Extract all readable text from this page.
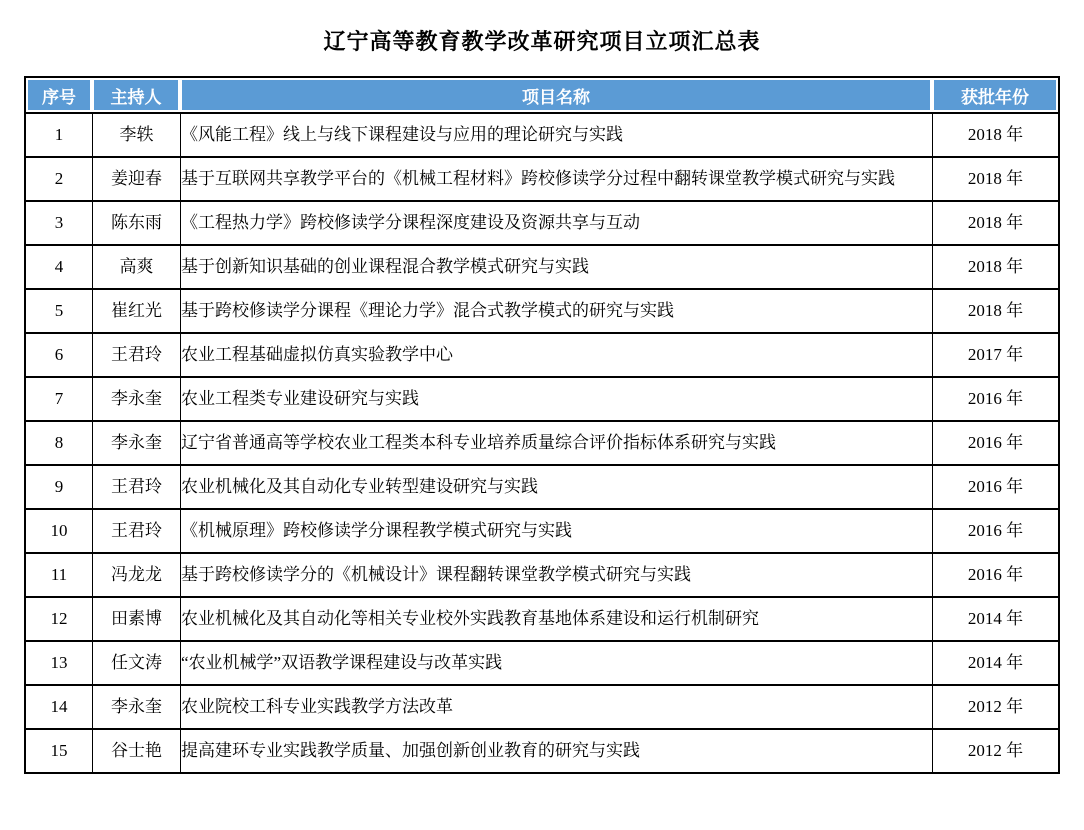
辽宁高等教育教学改革研究项目立项汇总表
序号	主持人	项目名称	获批年份
1	李轶	《风能工程》线上与线下课程建设与应用的理论研究与实践	2018 年
2	姜迎春	基于互联网共享教学平台的《机械工程材料》跨校修读学分过程中翻转课堂教学模式研究与实践	2018 年
3	陈东雨	《工程热力学》跨校修读学分课程深度建设及资源共享与互动	2018 年
4	高爽	基于创新知识基础的创业课程混合教学模式研究与实践	2018 年
5	崔红光	基于跨校修读学分课程《理论力学》混合式教学模式的研究与实践	2018 年
6	王君玲	农业工程基础虚拟仿真实验教学中心	2017 年
7	李永奎	农业工程类专业建设研究与实践	2016 年
8	李永奎	辽宁省普通高等学校农业工程类本科专业培养质量综合评价指标体系研究与实践	2016 年
9	王君玲	农业机械化及其自动化专业转型建设研究与实践	2016 年
10	王君玲	《机械原理》跨校修读学分课程教学模式研究与实践	2016 年
11	冯龙龙	基于跨校修读学分的《机械设计》课程翻转课堂教学模式研究与实践	2016 年
12	田素博	农业机械化及其自动化等相关专业校外实践教育基地体系建设和运行机制研究	2014 年
13	任文涛	“农业机械学”双语教学课程建设与改革实践	2014 年
14	李永奎	农业院校工科专业实践教学方法改革	2012 年
15	谷士艳	提高建环专业实践教学质量、加强创新创业教育的研究与实践	2012 年
